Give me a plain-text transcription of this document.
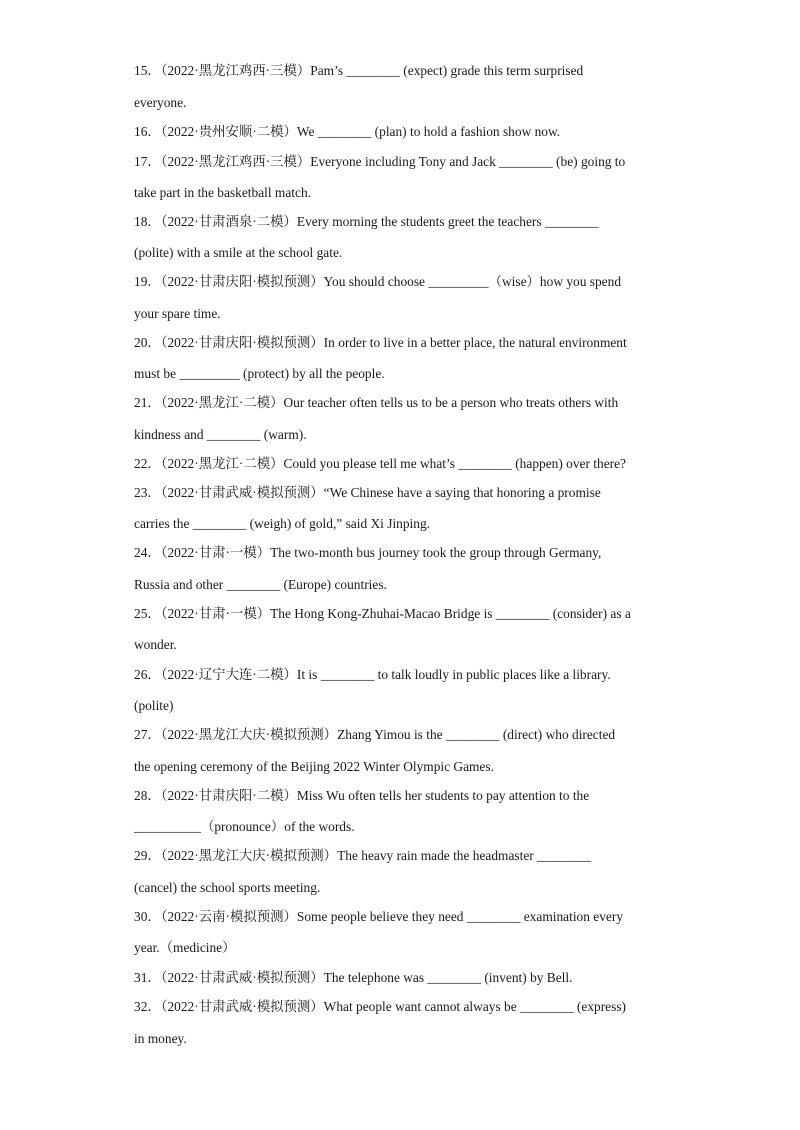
15．（2022·黑龙江鸡西·三模）Pam’s ________ (expect) grade this term surprised
everyone.
16．（2022·贵州安顺·二模）We ________ (plan) to hold a fashion show now.
17．（2022·黑龙江鸡西·三模）Everyone including Tony and Jack ________ (be) going to
take part in the basketball match.
18．（2022·甘肃酒泉·二模）Every morning the students greet the teachers ________
(polite) with a smile at the school gate.
19．（2022·甘肃庆阳·模拟预测）You should choose _________（wise）how you spend
your spare time.
20．（2022·甘肃庆阳·模拟预测）In order to live in a better place, the natural environment
must be _________ (protect) by all the people.
21．（2022·黑龙江·二模）Our teacher often tells us to be a person who treats others with
kindness and ________ (warm).
22．（2022·黑龙江·二模）Could you please tell me what’s ________ (happen) over there?
23．（2022·甘肃武威·模拟预测）“We Chinese have a saying that honoring a promise
carries the ________ (weigh) of gold,” said Xi Jinping.
24．（2022·甘肃·一模）The two-month bus journey took the group through Germany,
Russia and other ________ (Europe) countries.
25．（2022·甘肃·一模）The Hong Kong-Zhuhai-Macao Bridge is ________ (consider) as a
wonder.
26．（2022·辽宁大连·二模）It is ________ to talk loudly in public places like a library.
(polite)
27．（2022·黑龙江大庆·模拟预测）Zhang Yimou is the ________ (direct) who directed
the opening ceremony of the Beijing 2022 Winter Olympic Games.
28．（2022·甘肃庆阳·二模）Miss Wu often tells her students to pay attention to the
__________（pronounce）of the words.
29．（2022·黑龙江大庆·模拟预测）The heavy rain made the headmaster ________
(cancel) the school sports meeting.
30．（2022·云南·模拟预测）Some people believe they need ________ examination every
year.（medicine）
31．（2022·甘肃武威·模拟预测）The telephone was ________ (invent) by Bell.
32．（2022·甘肃武威·模拟预测）What people want cannot always be ________ (express)
in money.
